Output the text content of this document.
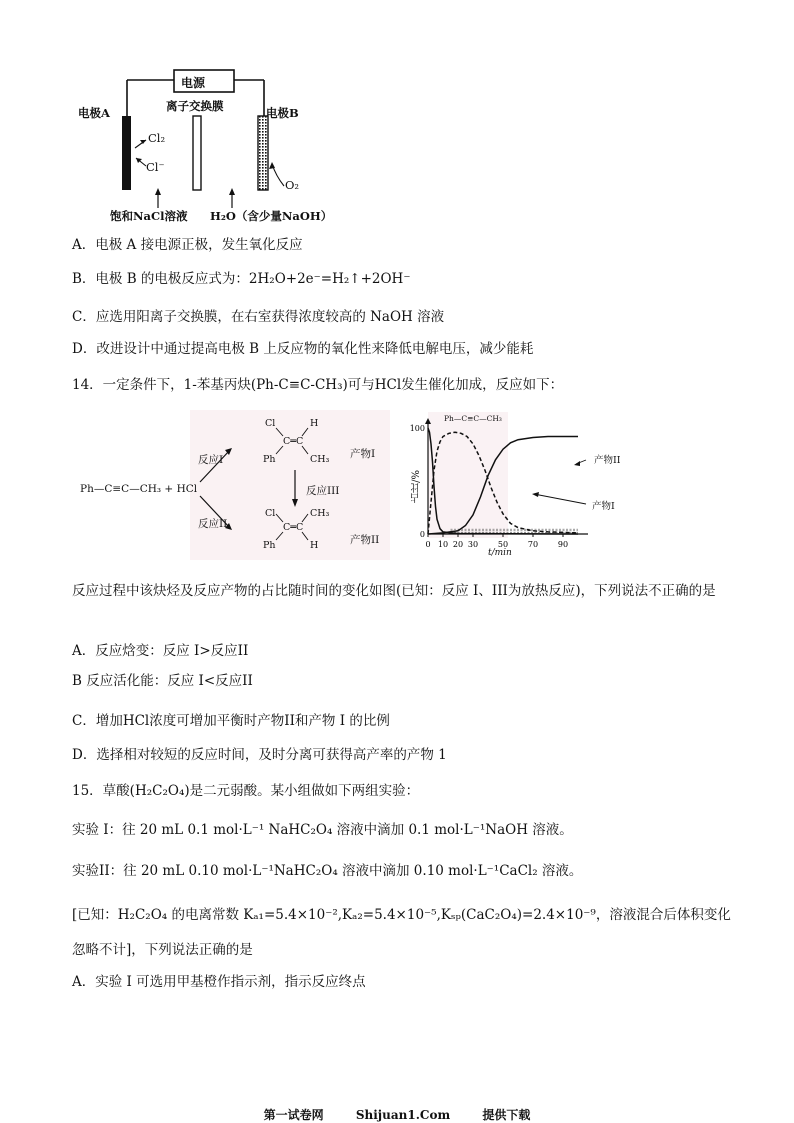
电源
离子交换膜
电极A	电极B
Cl₂
Cl⁻
O₂
饱和NaCl溶液 H₂O（含少量NaOH）
A．电极 A 接电源正极，发生氧化反应
B．电极 B 的电极反应式为：2H₂O+2e⁻=H₂↑+2OH⁻
C．应选用阳离子交换膜，在右室获得浓度较高的 NaOH 溶液
D．改进设计中通过提高电极 B 上反应物的氧化性来降低电解电压，减少能耗
14．一定条件下，1-苯基丙炔(Ph-C≡C-CH₃)可与HCl发生催化加成，反应如下：
Ph—C≡C—CH₃ + HCl
反应I
反应II
反应III
Cl	H
C═C
Ph	CH₃ 产物I
Cl	CH₃
C═C
Ph	H	产物II	0 10 20 30 50 70 90
0
100
占比/%
t/min
Ph—C≡C—CH₃
产物II
产物I
反应过程中该炔烃及反应产物的占比随时间的变化如图(已知：反应 I、III为放热反应)，下列说法不正确的是
A．反应焓变：反应 I>反应II
B 反应活化能：反应 I<反应II
C．增加HCl浓度可增加平衡时产物II和产物 I 的比例
D．选择相对较短的反应时间，及时分离可获得高产率的产物 1
15．草酸(H₂C₂O₄)是二元弱酸。某小组做如下两组实验：
实验 I：往 20 mL 0.1 mol·L⁻¹ NaHC₂O₄ 溶液中滴加 0.1 mol·L⁻¹NaOH 溶液。
实验II：往 20 mL 0.10 mol·L⁻¹NaHC₂O₄ 溶液中滴加 0.10 mol·L⁻¹CaCl₂ 溶液。
[已知：H₂C₂O₄ 的电离常数 Kₐ₁=5.4×10⁻²,Kₐ₂=5.4×10⁻⁵,Kₛₚ(CaC₂O₄)=2.4×10⁻⁹，溶液混合后体积变化
忽略不计]，下列说法正确的是
A．实验 I 可选用甲基橙作指示剂，指示反应终点
第一试卷网	Shijuan1.Com	提供下载
